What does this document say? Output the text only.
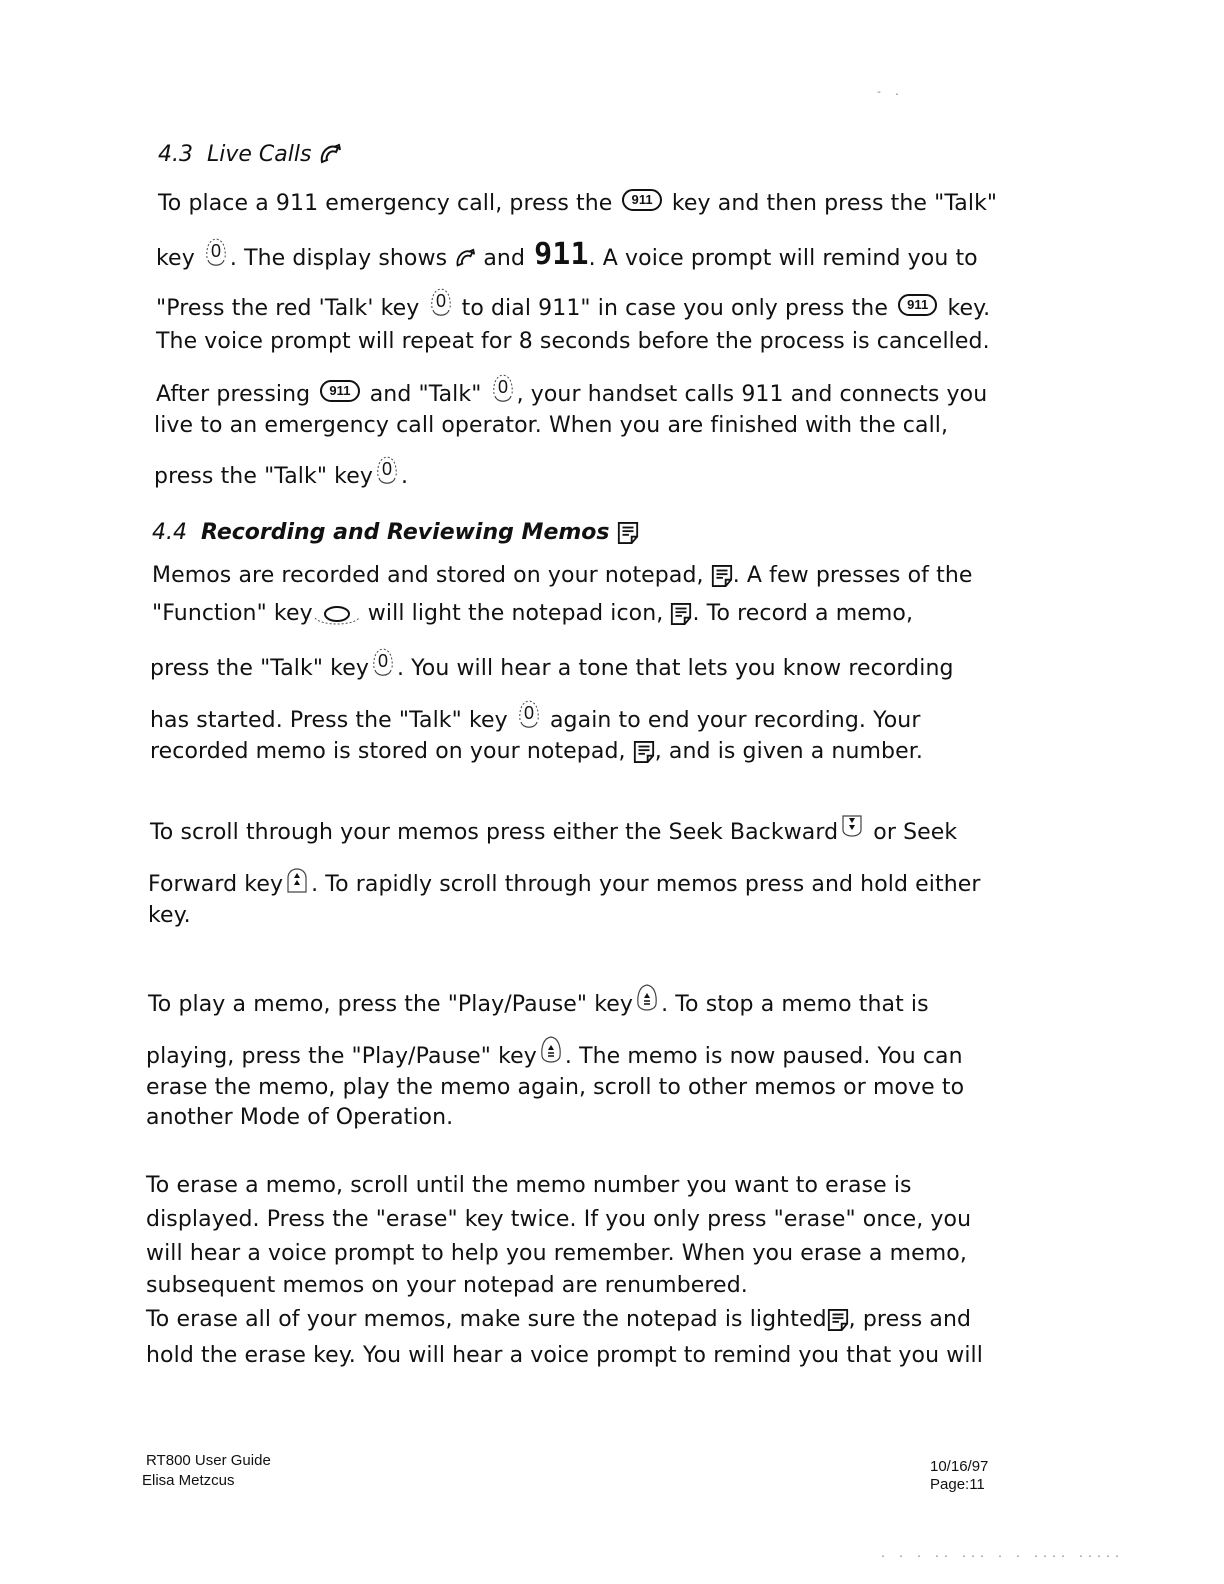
- .
4.3 Live Calls
To place a 911 emergency call, press the 911 key and then press the "Talk"
key
. The display shows
and 911. A voice prompt will remind you to
"Press the red 'Talk' key
to dial 911" in case you only press the 911 key.
The voice prompt will repeat for 8 seconds before the process is cancelled.
After pressing 911 and "Talk"
, your handset calls 911 and connects you
live to an emergency call operator. When you are finished with the call,
press the "Talk" key .
4.4 Recording and Reviewing Memos
Memos are recorded and stored on your notepad,
. A few presses of the
"Function" key
will light the notepad icon,
. To record a memo,
press the "Talk" key . You will hear a tone that lets you know recording
has started. Press the "Talk" key
again to end your recording. Your
recorded memo is stored on your notepad,
, and is given a number.
To scroll through your memos press either the Seek Backward
or Seek
Forward key . To rapidly scroll through your memos press and hold either
key.
To play a memo, press the "Play/Pause" key . To stop a memo that is
playing, press the "Play/Pause" key . The memo is now paused. You can
erase the memo, play the memo again, scroll to other memos or move to
another Mode of Operation.
To erase a memo, scroll until the memo number you want to erase is
displayed. Press the "erase" key twice. If you only press "erase" once, you
will hear a voice prompt to help you remember. When you erase a memo,
subsequent memos on your notepad are renumbered.
To erase all of your memos, make sure the notepad is lighted , press and
hold the erase key. You will hear a voice prompt to remind you that you will
RT800 User Guide
Elisa Metzcus
10/16/97
Page:11
. . . .. ... . . .... .....
